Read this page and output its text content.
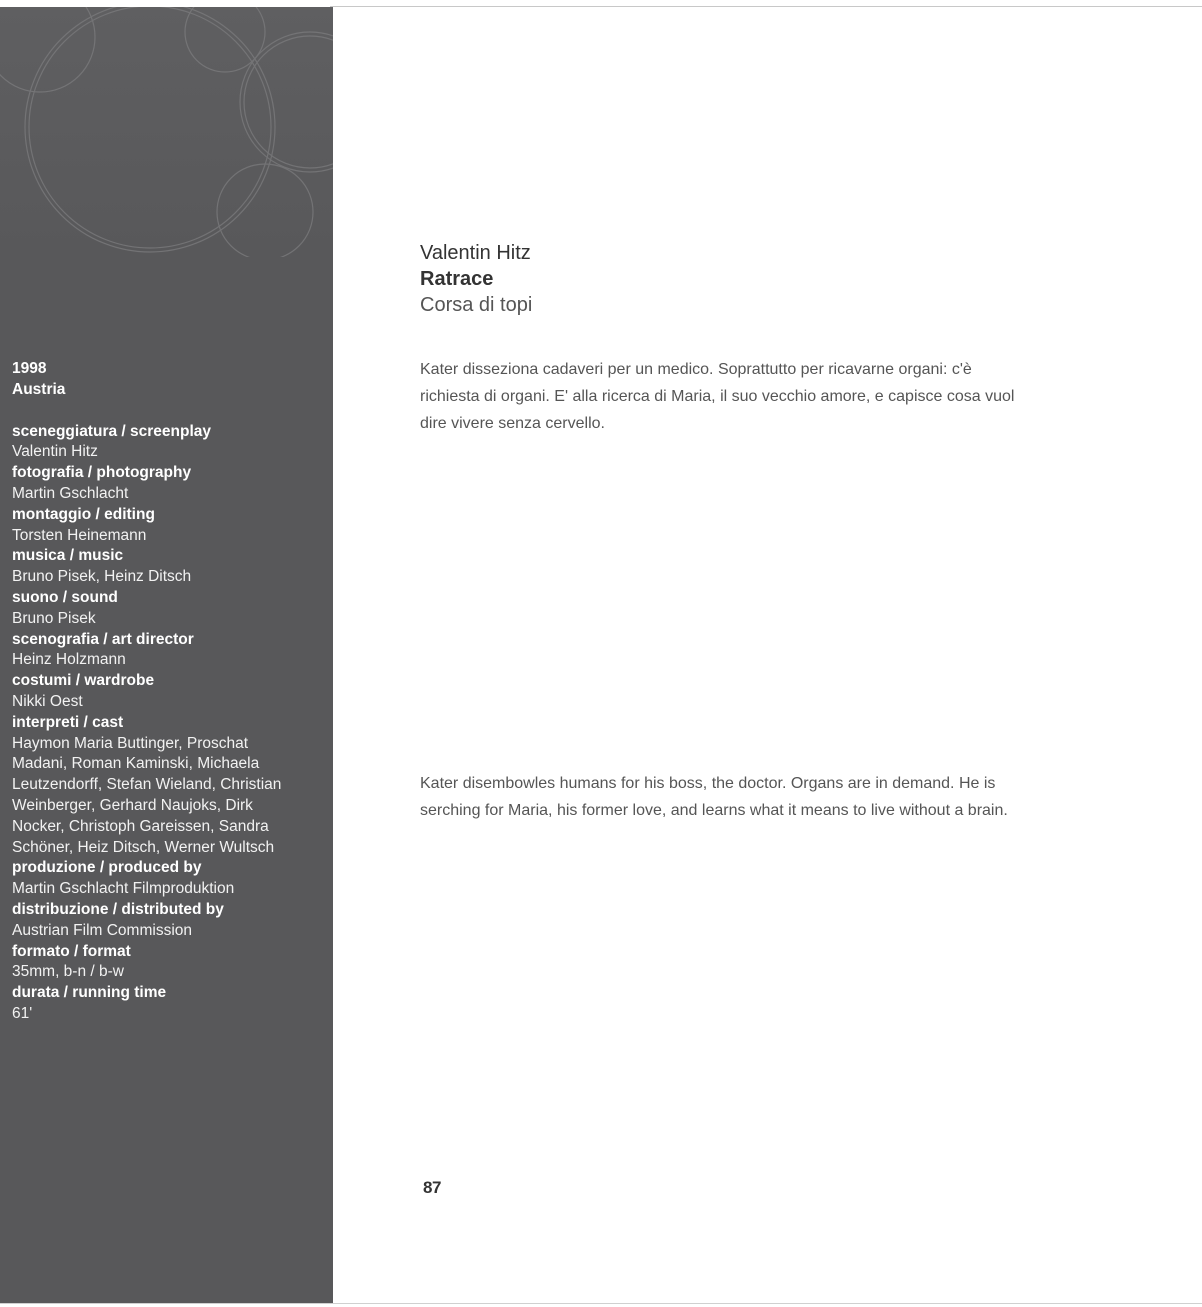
1998
Austria
sceneggiatura / screenplay
Valentin Hitz
fotografia / photography
Martin Gschlacht
montaggio / editing
Torsten Heinemann
musica / music
Bruno Pisek, Heinz Ditsch
suono / sound
Bruno Pisek
scenografia / art director
Heinz Holzmann
costumi / wardrobe
Nikki Oest
interpreti / cast
Haymon Maria Buttinger, Proschat
Madani, Roman Kaminski, Michaela
Leutzendorff, Stefan Wieland, Christian
Weinberger, Gerhard Naujoks, Dirk
Nocker, Christoph Gareissen, Sandra
Schöner, Heiz Ditsch, Werner Wultsch
produzione / produced by
Martin Gschlacht Filmproduktion
distribuzione / distributed by
Austrian Film Commission
formato / format
35mm, b-n / b-w
durata / running time
61'
Valentin Hitz
Ratrace
Corsa di topi
Kater disseziona cadaveri per un medico. Soprattutto per ricavarne organi: c'è
richiesta di organi. E' alla ricerca di Maria, il suo vecchio amore, e capisce cosa vuol
dire vivere senza cervello.
Kater disembowles humans for his boss, the doctor. Organs are in demand. He is
serching for Maria, his former love, and learns what it means to live without a brain.
87
